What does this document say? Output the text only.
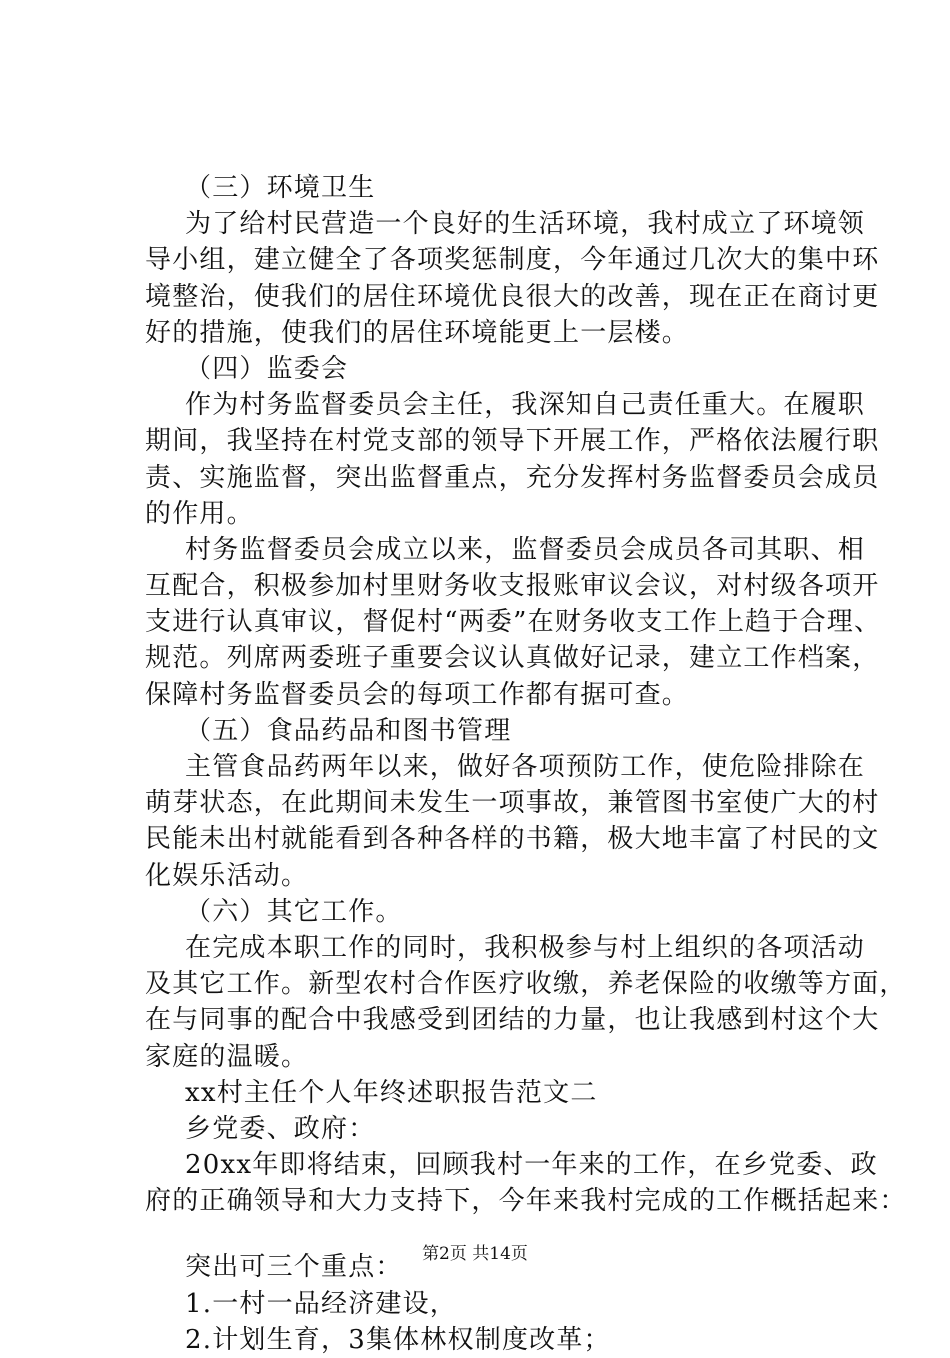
（三）环境卫生
为了给村民营造一个良好的生活环境，我村成立了环境领
导小组，建立健全了各项奖惩制度，今年通过几次大的集中环
境整治，使我们的居住环境优良很大的改善，现在正在商讨更
好的措施，使我们的居住环境能更上一层楼。
（四）监委会
作为村务监督委员会主任，我深知自己责任重大。在履职
期间，我坚持在村党支部的领导下开展工作，严格依法履行职
责、实施监督，突出监督重点，充分发挥村务监督委员会成员
的作用。
村务监督委员会成立以来，监督委员会成员各司其职、相
互配合，积极参加村里财务收支报账审议会议，对村级各项开
支进行认真审议，督促村“两委”在财务收支工作上趋于合理、
规范。列席两委班子重要会议认真做好记录，建立工作档案，
保障村务监督委员会的每项工作都有据可查。
（五）食品药品和图书管理
主管食品药两年以来，做好各项预防工作，使危险排除在
萌芽状态，在此期间未发生一项事故，兼管图书室使广大的村
民能未出村就能看到各种各样的书籍，极大地丰富了村民的文
化娱乐活动。
（六）其它工作。
在完成本职工作的同时，我积极参与村上组织的各项活动
及其它工作。新型农村合作医疗收缴，养老保险的收缴等方面，
在与同事的配合中我感受到团结的力量，也让我感到村这个大
家庭的温暖。
xx村主任个人年终述职报告范文二
乡党委、政府：
20xx年即将结束，回顾我村一年来的工作，在乡党委、政
府的正确领导和大力支持下，今年来我村完成的工作概括起来：
突出可三个重点：
1.一村一品经济建设，
2.计划生育，3集体林权制度改革；
第2页 共14页
